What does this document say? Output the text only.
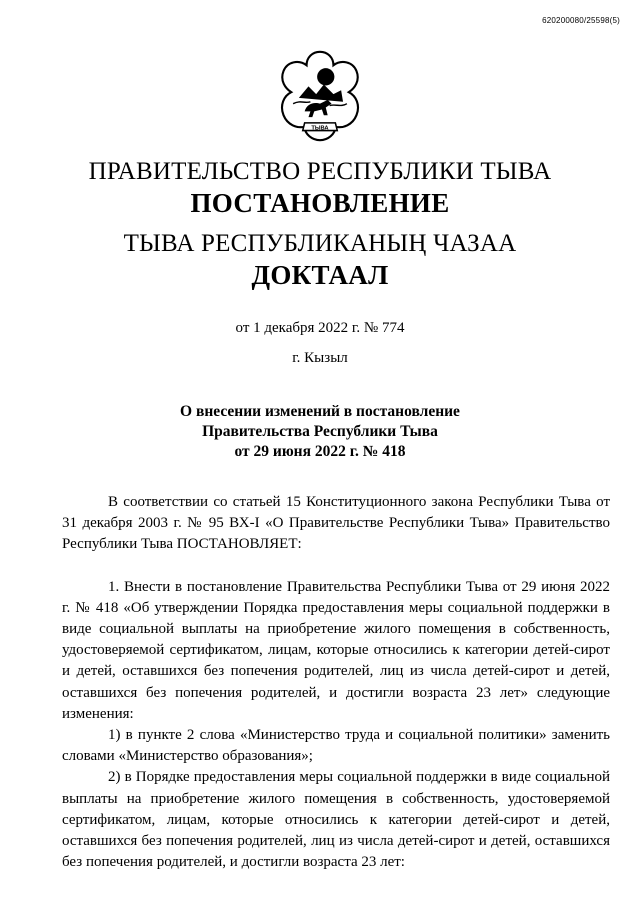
620200080/25598(5)
ТЫВА
ПРАВИТЕЛЬСТВО РЕСПУБЛИКИ ТЫВА
ПОСТАНОВЛЕНИЕ
ТЫВА РЕСПУБЛИКАНЫҢ ЧАЗАА
ДОКТААЛ
от 1 декабря 2022 г. № 774
г. Кызыл
О внесении изменений в постановление
Правительства Республики Тыва
от 29 июня 2022 г. № 418

В соответствии со статьей 15 Конституционного закона Республики Тыва от 31 декабря 2003 г. № 95 ВХ-I «О Правительстве Республики Тыва» Правительство Республики Тыва ПОСТАНОВЛЯЕТ:

1. Внести в постановление Правительства Республики Тыва от 29 июня 2022 г. № 418 «Об утверждении Порядка предоставления меры социальной поддержки в виде социальной выплаты на приобретение жилого помещения в собственность, удостоверяемой сертификатом, лицам, которые относились к категории детей-сирот и детей, оставшихся без попечения родителей, лиц из числа детей-сирот и детей, оставшихся без попечения родителей, и достигли возраста 23 лет» следующие изменения:

1) в пункте 2 слова «Министерство труда и социальной политики» заменить словами «Министерство образования»;

2) в Порядке предоставления меры социальной поддержки в виде социальной выплаты на приобретение жилого помещения в собственность, удостоверяемой сертификатом, лицам, которые относились к категории детей-сирот и детей, оставшихся без попечения родителей, лиц из числа детей-сирот и детей, оставшихся без попечения родителей, и достигли возраста 23 лет:
